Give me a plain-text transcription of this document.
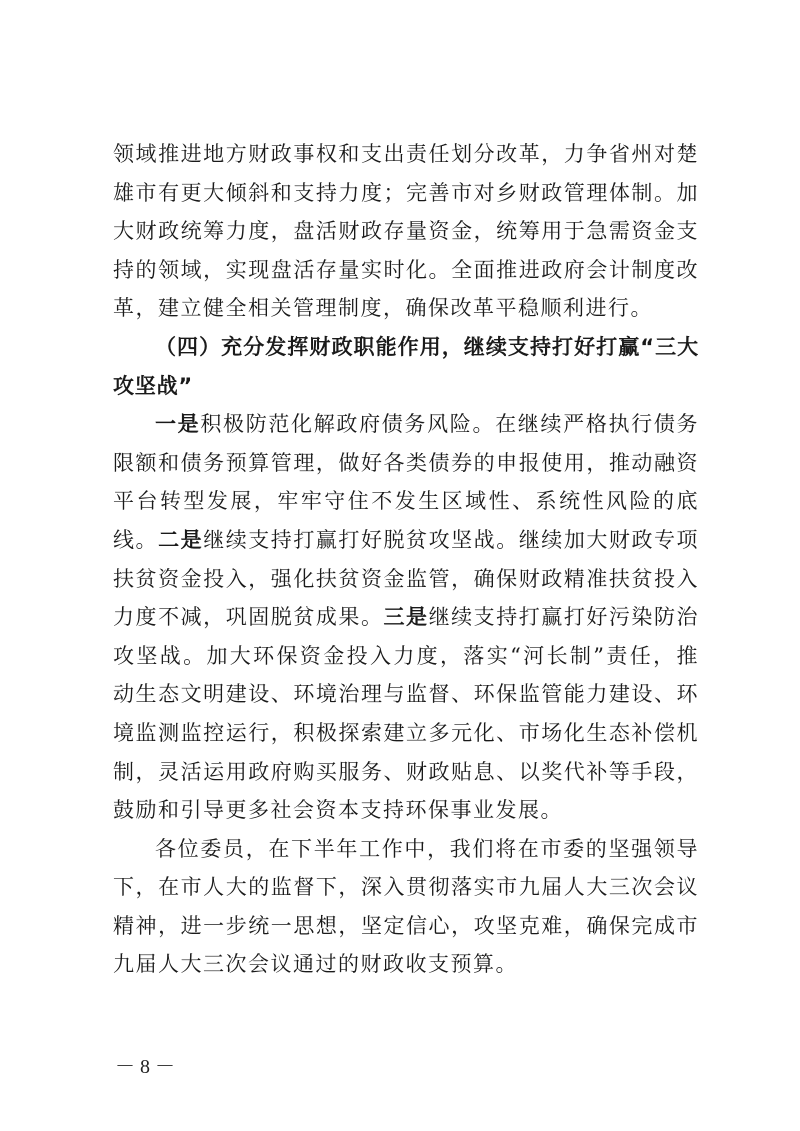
领域推进地方财政事权和支出责任划分改革，力争省州对楚雄市有更大倾斜和支持力度；完善市对乡财政管理体制。加大财政统筹力度，盘活财政存量资金，统筹用于急需资金支持的领域，实现盘活存量实时化。全面推进政府会计制度改革，建立健全相关管理制度，确保改革平稳顺利进行。

（四）充分发挥财政职能作用，继续支持打好打赢“三大攻坚战”

一是积极防范化解政府债务风险。在继续严格执行债务限额和债务预算管理，做好各类债券的申报使用，推动融资平台转型发展，牢牢守住不发生区域性、系统性风险的底线。二是继续支持打赢打好脱贫攻坚战。继续加大财政专项扶贫资金投入，强化扶贫资金监管，确保财政精准扶贫投入力度不减，巩固脱贫成果。三是继续支持打赢打好污染防治攻坚战。加大环保资金投入力度，落实“河长制”责任，推动生态文明建设、环境治理与监督、环保监管能力建设、环境监测监控运行，积极探索建立多元化、市场化生态补偿机制，灵活运用政府购买服务、财政贴息、以奖代补等手段，鼓励和引导更多社会资本支持环保事业发展。

各位委员，在下半年工作中，我们将在市委的坚强领导下，在市人大的监督下，深入贯彻落实市九届人大三次会议精神，进一步统一思想，坚定信心，攻坚克难，确保完成市九届人大三次会议通过的财政收支预算。

－ 8 －
